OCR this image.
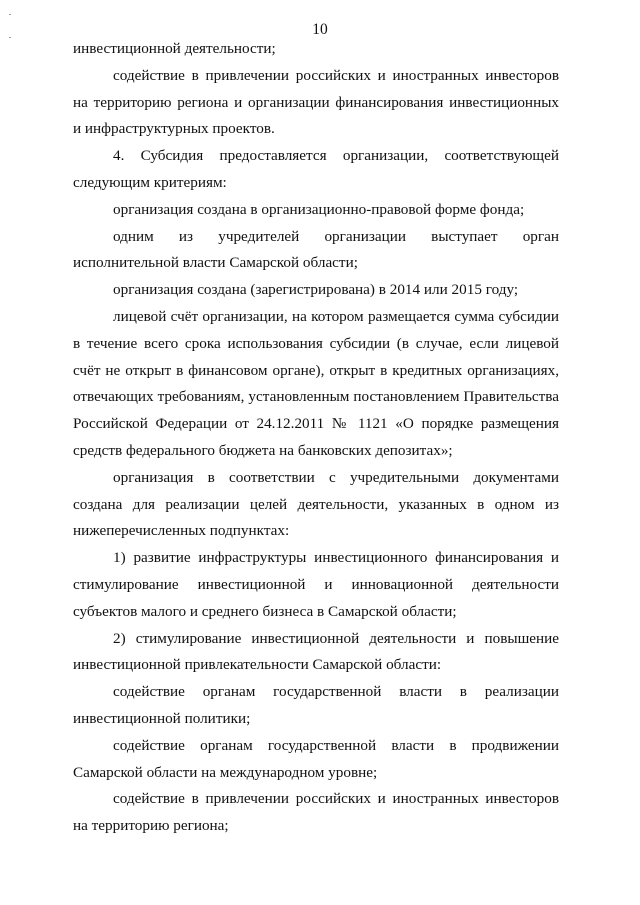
10

инвестиционной деятельности;

содействие в привлечении российских и иностранных инвесторов на территорию региона и организации финансирования инвестиционных и инфраструктурных проектов.

4. Субсидия предоставляется организации, соответствующей следующим критериям:

организация создана в организационно-правовой форме фонда;

одним из учредителей организации выступает орган исполнительной власти Самарской области;

организация создана (зарегистрирована) в 2014 или 2015 году;

лицевой счёт организации, на котором размещается сумма субсидии в течение всего срока использования субсидии (в случае, если лицевой счёт не открыт в финансовом органе), открыт в кредитных организациях, отвечающих требованиям, установленным постановлением Правительства Российской Федерации от 24.12.2011 № 1121 «О порядке размещения средств федерального бюджета на банковских депозитах»;

организация в соответствии с учредительными документами создана для реализации целей деятельности, указанных в одном из нижеперечисленных подпунктах:

1) развитие инфраструктуры инвестиционного финансирования и стимулирование инвестиционной и инновационной деятельности субъектов малого и среднего бизнеса в Самарской области;

2) стимулирование инвестиционной деятельности и повышение инвестиционной привлекательности Самарской области:

содействие органам государственной власти в реализации инвестиционной политики;

содействие органам государственной власти в продвижении Самарской области на международном уровне;

содействие в привлечении российских и иностранных инвесторов на территорию региона;
